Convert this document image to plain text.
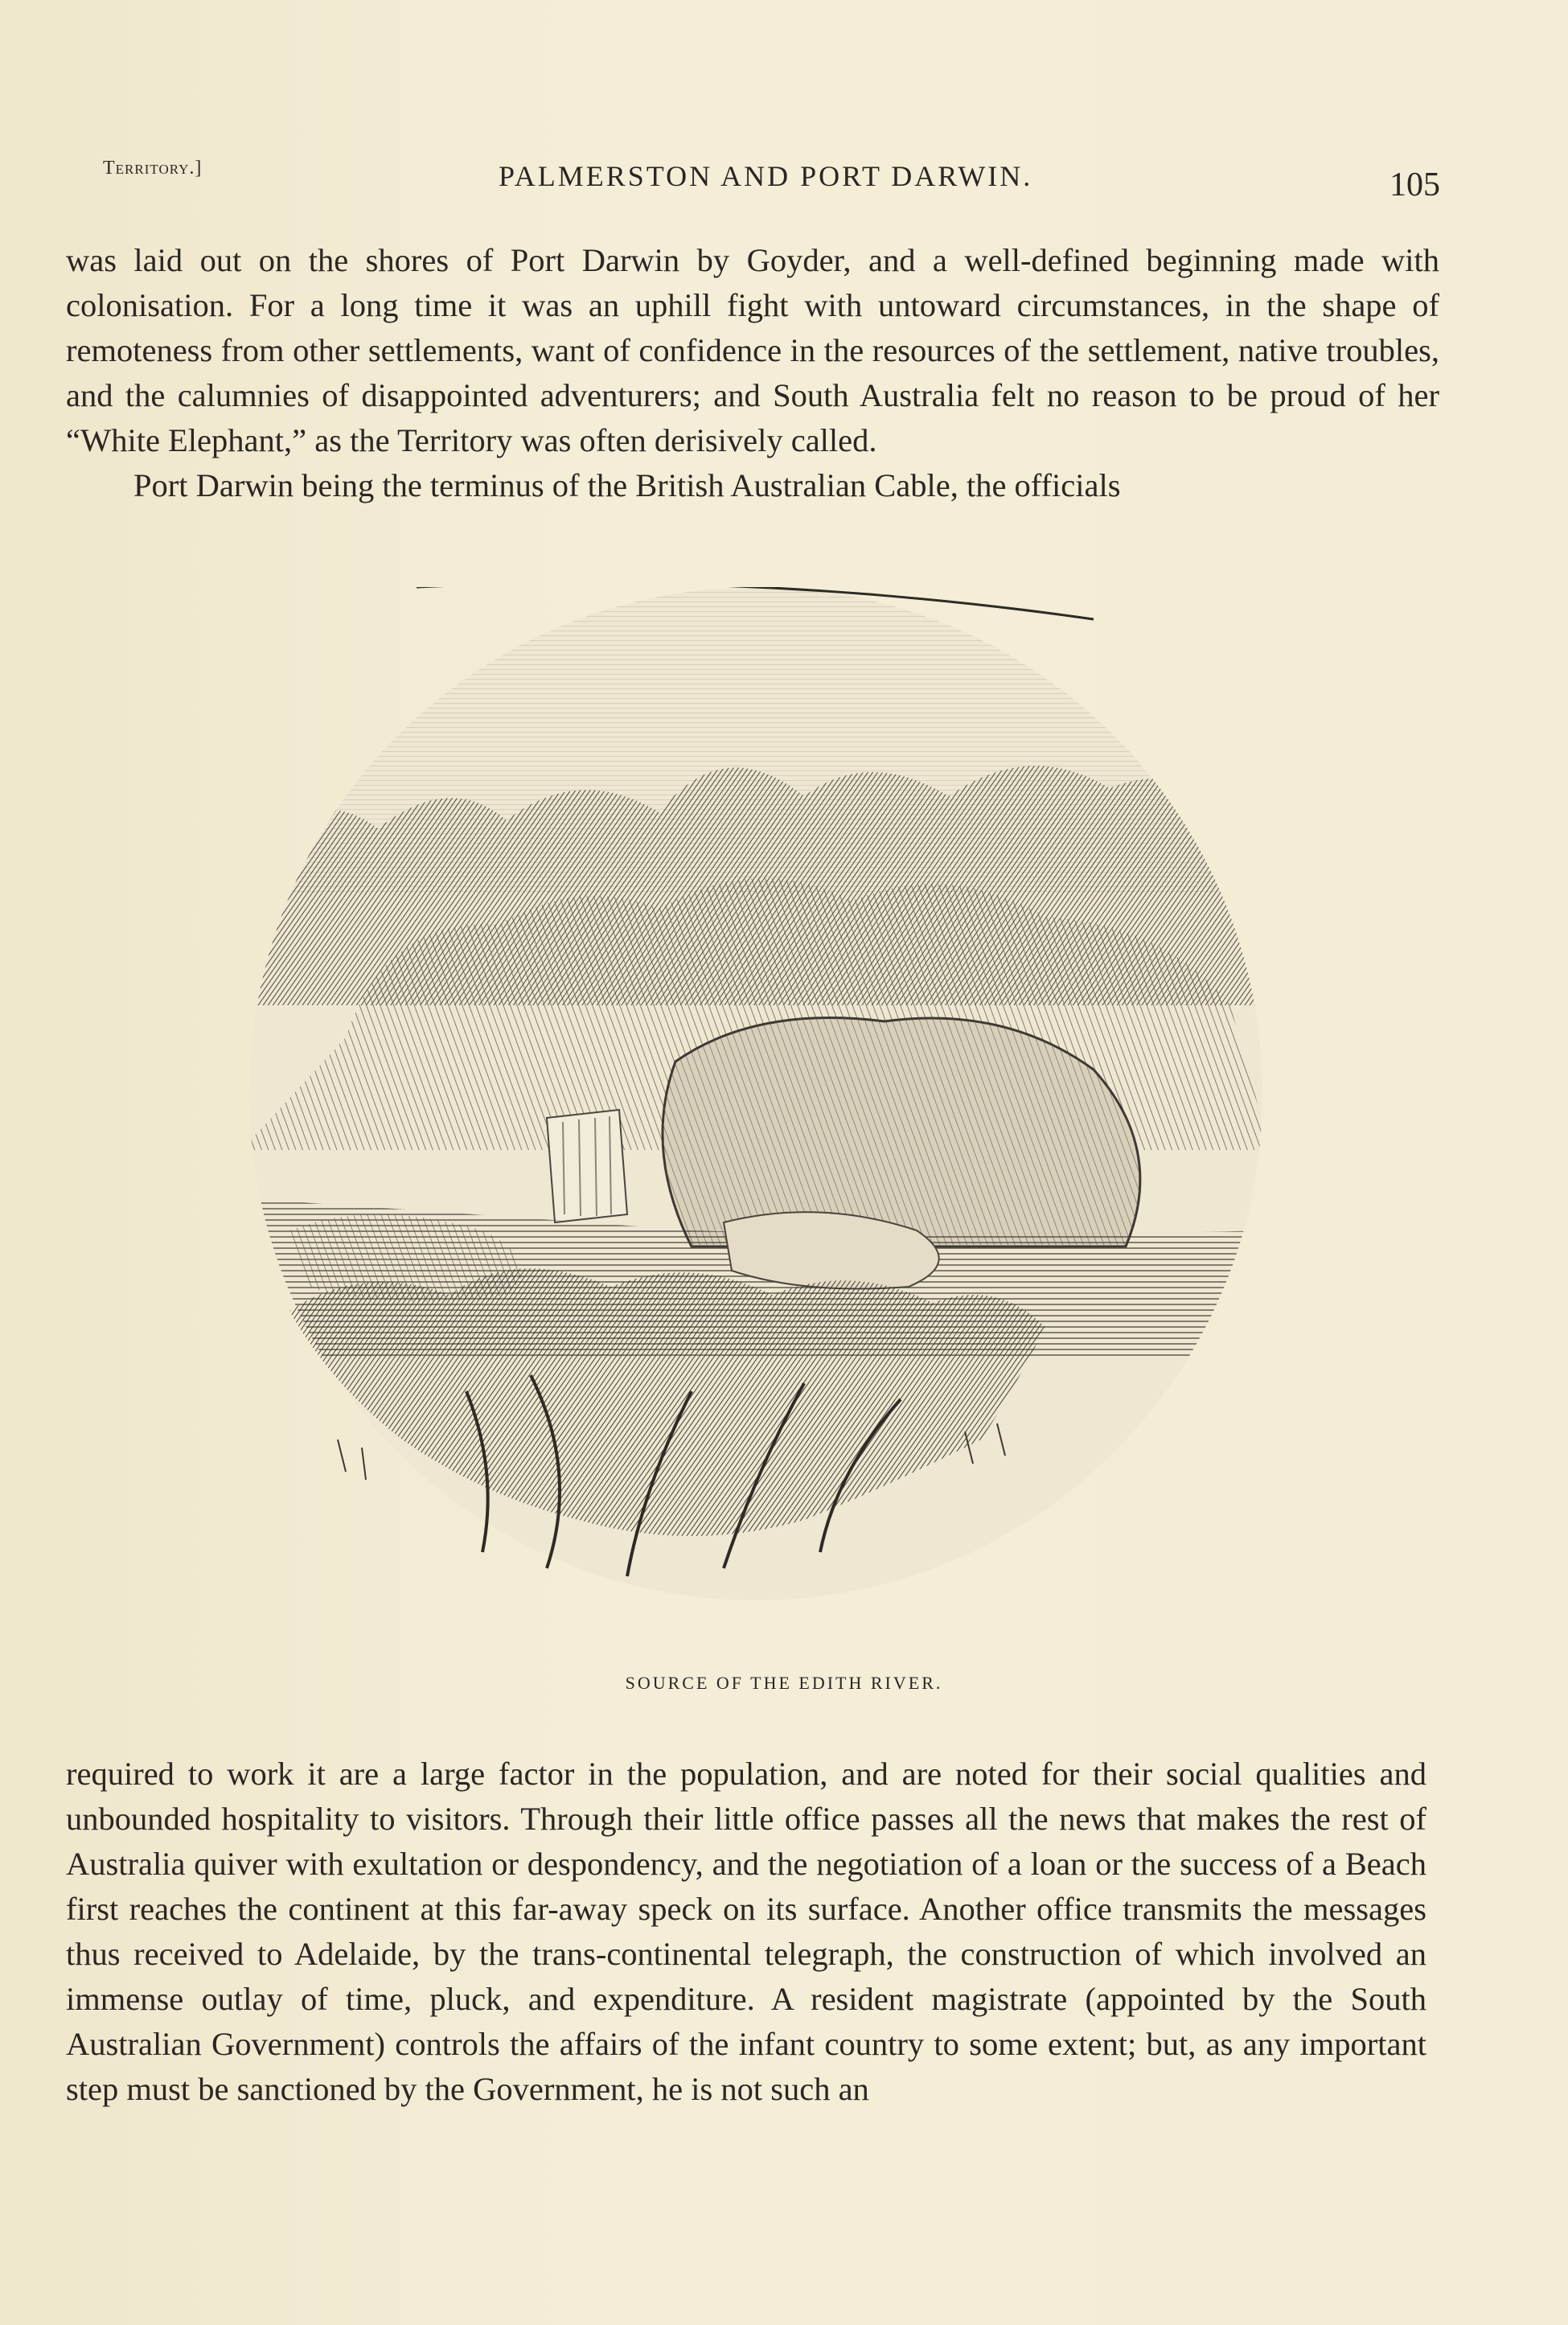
Territory.]	PALMERSTON AND PORT DARWIN.	105

was laid out on the shores of Port Darwin by Goyder, and a well-defined beginning made with colonisation. For a long time it was an uphill fight with untoward circumstances, in the shape of remoteness from other settlements, want of confidence in the resources of the settlement, native troubles, and the calumnies of disappointed adventurers; and South Australia felt no reason to be proud of her “White Elephant,” as the Territory was often derisively called.

Port Darwin being the terminus of the British Australian Cable, the officials

SOURCE OF THE EDITH RIVER.

required to work it are a large factor in the population, and are noted for their social qualities and unbounded hospitality to visitors. Through their little office passes all the news that makes the rest of Australia quiver with exultation or despondency, and the negotiation of a loan or the success of a Beach first reaches the continent at this far-away speck on its surface. Another office transmits the messages thus received to Adelaide, by the trans-continental telegraph, the construction of which involved an immense outlay of time, pluck, and expenditure. A resident magistrate (appointed by the South Australian Government) controls the affairs of the infant country to some extent; but, as any important step must be sanctioned by the Government, he is not such an
